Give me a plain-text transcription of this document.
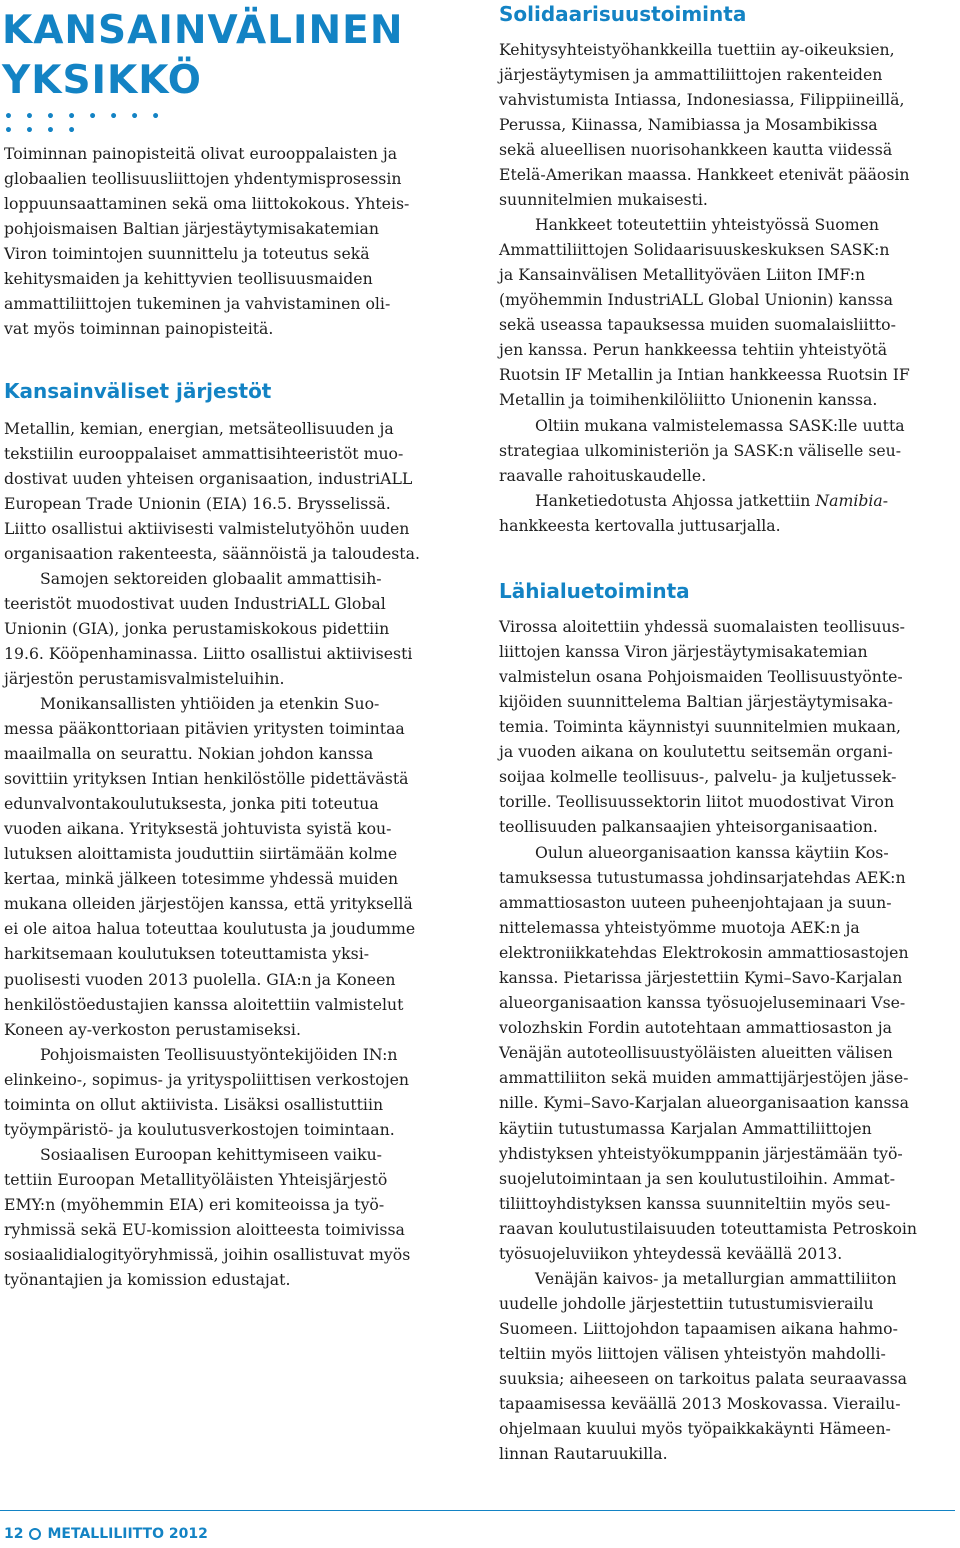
KANSAINVÄLINEN
YKSIKKÖ
• • • • • • • • • • • •

Toiminnan painopisteitä olivat eurooppalaisten ja
globaalien teollisuusliittojen yhdentymisprosessin
loppuunsaattaminen sekä oma liittokokous. Yhteis-
pohjoismaisen Baltian järjestäytymisakatemian
Viron toimintojen suunnittelu ja toteutus sekä
kehitysmaiden ja kehittyvien teollisuusmaiden
ammattiliittojen tukeminen ja vahvistaminen oli-
vat myös toiminnan painopisteitä.

Kansainväliset järjestöt

Metallin, kemian, energian, metsäteollisuuden ja
tekstiilin eurooppalaiset ammattisihteeristöt muo-
dostivat uuden yhteisen organisaation, industriALL
European Trade Unionin (EIA) 16.5. Brysselissä.
Liitto osallistui aktiivisesti valmistelutyöhön uuden
organisaation rakenteesta, säännöistä ja taloudesta.

Samojen sektoreiden globaalit ammattisih-
teeristöt muodostivat uuden IndustriALL Global
Unionin (GIA), jonka perustamiskokous pidettiin
19.6. Kööpenhaminassa. Liitto osallistui aktiivisesti
järjestön perustamisvalmisteluihin.

Monikansallisten yhtiöiden ja etenkin Suo-
messa pääkonttoriaan pitävien yritysten toimintaa
maailmalla on seurattu. Nokian johdon kanssa
sovittiin yrityksen Intian henkilöstölle pidettävästä
edunvalvontakoulutuksesta, jonka piti toteutua
vuoden aikana. Yrityksestä johtuvista syistä kou-
lutuksen aloittamista jouduttiin siirtämään kolme
kertaa, minkä jälkeen totesimme yhdessä muiden
mukana olleiden järjestöjen kanssa, että yrityksellä
ei ole aitoa halua toteuttaa koulutusta ja joudumme
harkitsemaan koulutuksen toteuttamista yksi-
puolisesti vuoden 2013 puolella. GIA:n ja Koneen
henkilöstöedustajien kanssa aloitettiin valmistelut
Koneen ay-verkoston perustamiseksi.

Pohjoismaisten Teollisuustyöntekijöiden IN:n
elinkeino-, sopimus- ja yrityspoliittisen verkostojen
toiminta on ollut aktiivista. Lisäksi osallistuttiin
työympäristö- ja koulutusverkostojen toimintaan.

Sosiaalisen Euroopan kehittymiseen vaiku-
tettiin Euroopan Metallityöläisten Yhteisjärjestö
EMY:n (myöhemmin EIA) eri komiteoissa ja työ-
ryhmissä sekä EU-komission aloitteesta toimivissa
sosiaalidialogityöryhmissä, joihin osallistuvat myös
työnantajien ja komission edustajat.

Solidaarisuustoiminta

Kehitysyhteistyöhankkeilla tuettiin ay-oikeuksien,
järjestäytymisen ja ammattiliittojen rakenteiden
vahvistumista Intiassa, Indonesiassa, Filippiineillä,
Perussa, Kiinassa, Namibiassa ja Mosambikissa
sekä alueellisen nuorisohankkeen kautta viidessä
Etelä-Amerikan maassa. Hankkeet etenivät pääosin
suunnitelmien mukaisesti.

Hankkeet toteutettiin yhteistyössä Suomen
Ammattiliittojen Solidaarisuuskeskuksen SASK:n
ja Kansainvälisen Metallityöväen Liiton IMF:n
(myöhemmin IndustriALL Global Unionin) kanssa
sekä useassa tapauksessa muiden suomalaisliitto-
jen kanssa. Perun hankkeessa tehtiin yhteistyötä
Ruotsin IF Metallin ja Intian hankkeessa Ruotsin IF
Metallin ja toimihenkilöliitto Unionenin kanssa.

Oltiin mukana valmistelemassa SASK:lle uutta
strategiaa ulkoministeriön ja SASK:n väliselle seu-
raavalle rahoituskaudelle.

Hanketiedotusta Ahjossa jatkettiin Namibia-
hankkeesta kertovalla juttusarjalla.

Lähialuetoiminta

Virossa aloitettiin yhdessä suomalaisten teollisuus-
liittojen kanssa Viron järjestäytymisakatemian
valmistelun osana Pohjoismaiden Teollisuustyönte-
kijöiden suunnittelema Baltian järjestäytymisaka-
temia. Toiminta käynnistyi suunnitelmien mukaan,
ja vuoden aikana on koulutettu seitsemän organi-
soijaa kolmelle teollisuus-, palvelu- ja kuljetussek-
torille. Teollisuussektorin liitot muodostivat Viron
teollisuuden palkansaajien yhteisorganisaation.

Oulun alueorganisaation kanssa käytiin Kos-
tamuksessa tutustumassa johdinsarjatehdas AEK:n
ammattiosaston uuteen puheenjohtajaan ja suun-
nittelemassa yhteistyömme muotoja AEK:n ja
elektroniikkatehdas Elektrokosin ammattiosastojen
kanssa. Pietarissa järjestettiin Kymi–Savo-Karjalan
alueorganisaation kanssa työsuojeluseminaari Vse-
volozhskin Fordin autotehtaan ammattiosaston ja
Venäjän autoteollisuustyöläisten alueitten välisen
ammattiliiton sekä muiden ammattijärjestöjen jäse-
nille. Kymi–Savo-Karjalan alueorganisaation kanssa
käytiin tutustumassa Karjalan Ammattiliittojen
yhdistyksen yhteistyökumppanin järjestämään työ-
suojelutoimintaan ja sen koulutustiloihin. Ammat-
tiliittoyhdistyksen kanssa suunniteltiin myös seu-
raavan koulutustilaisuuden toteuttamista Petroskoin
työsuojeluviikon yhteydessä keväällä 2013.

Venäjän kaivos- ja metallurgian ammattiliiton
uudelle johdolle järjestettiin tutustumisvierailu
Suomeen. Liittojohdon tapaamisen aikana hahmo-
teltiin myös liittojen välisen yhteistyön mahdolli-
suuksia; aiheeseen on tarkoitus palata seuraavassa
tapaamisessa keväällä 2013 Moskovassa. Vierailu-
ohjelmaan kuului myös työpaikkakäynti Hämeen-
linnan Rautaruukilla.

12 METALLILIITTO 2012
